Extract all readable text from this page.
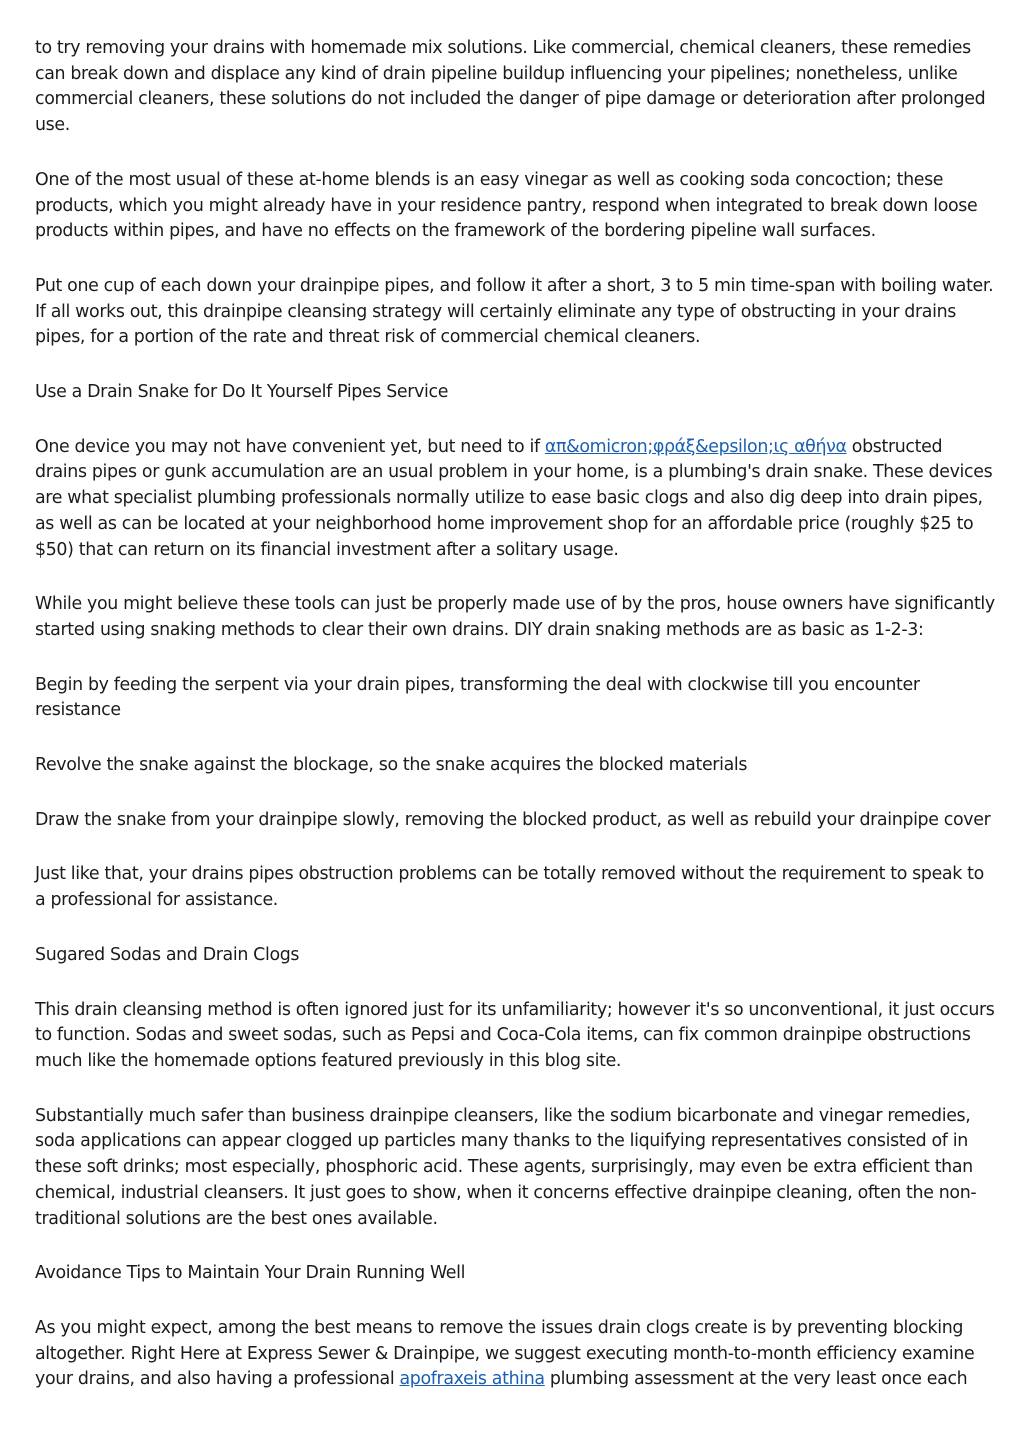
to try removing your drains with homemade mix solutions. Like commercial, chemical cleaners, these remedies can break down and displace any kind of drain pipeline buildup influencing your pipelines; nonetheless, unlike commercial cleaners, these solutions do not included the danger of pipe damage or deterioration after prolonged use.

One of the most usual of these at-home blends is an easy vinegar as well as cooking soda concoction; these products, which you might already have in your residence pantry, respond when integrated to break down loose products within pipes, and have no effects on the framework of the bordering pipeline wall surfaces.

Put one cup of each down your drainpipe pipes, and follow it after a short, 3 to 5 min time-span with boiling water. If all works out, this drainpipe cleansing strategy will certainly eliminate any type of obstructing in your drains pipes, for a portion of the rate and threat risk of commercial chemical cleaners.

Use a Drain Snake for Do It Yourself Pipes Service

One device you may not have convenient yet, but need to if απ&omicron;φράξ&epsilon;ις αθήνα obstructed drains pipes or gunk accumulation are an usual problem in your home, is a plumbing's drain snake. These devices are what specialist plumbing professionals normally utilize to ease basic clogs and also dig deep into drain pipes, as well as can be located at your neighborhood home improvement shop for an affordable price (roughly $25 to $50) that can return on its financial investment after a solitary usage.

While you might believe these tools can just be properly made use of by the pros, house owners have significantly started using snaking methods to clear their own drains. DIY drain snaking methods are as basic as 1-2-3:

Begin by feeding the serpent via your drain pipes, transforming the deal with clockwise till you encounter resistance

Revolve the snake against the blockage, so the snake acquires the blocked materials

Draw the snake from your drainpipe slowly, removing the blocked product, as well as rebuild your drainpipe cover

Just like that, your drains pipes obstruction problems can be totally removed without the requirement to speak to a professional for assistance.

Sugared Sodas and Drain Clogs

This drain cleansing method is often ignored just for its unfamiliarity; however it's so unconventional, it just occurs to function. Sodas and sweet sodas, such as Pepsi and Coca-Cola items, can fix common drainpipe obstructions much like the homemade options featured previously in this blog site.

Substantially much safer than business drainpipe cleansers, like the sodium bicarbonate and vinegar remedies, soda applications can appear clogged up particles many thanks to the liquifying representatives consisted of in these soft drinks; most especially, phosphoric acid. These agents, surprisingly, may even be extra efficient than chemical, industrial cleansers. It just goes to show, when it concerns effective drainpipe cleaning, often the non-traditional solutions are the best ones available.

Avoidance Tips to Maintain Your Drain Running Well

As you might expect, among the best means to remove the issues drain clogs create is by preventing blocking altogether. Right Here at Express Sewer & Drainpipe, we suggest executing month-to-month efficiency examine your drains, and also having a professional apofraxeis athina plumbing assessment at the very least once each
